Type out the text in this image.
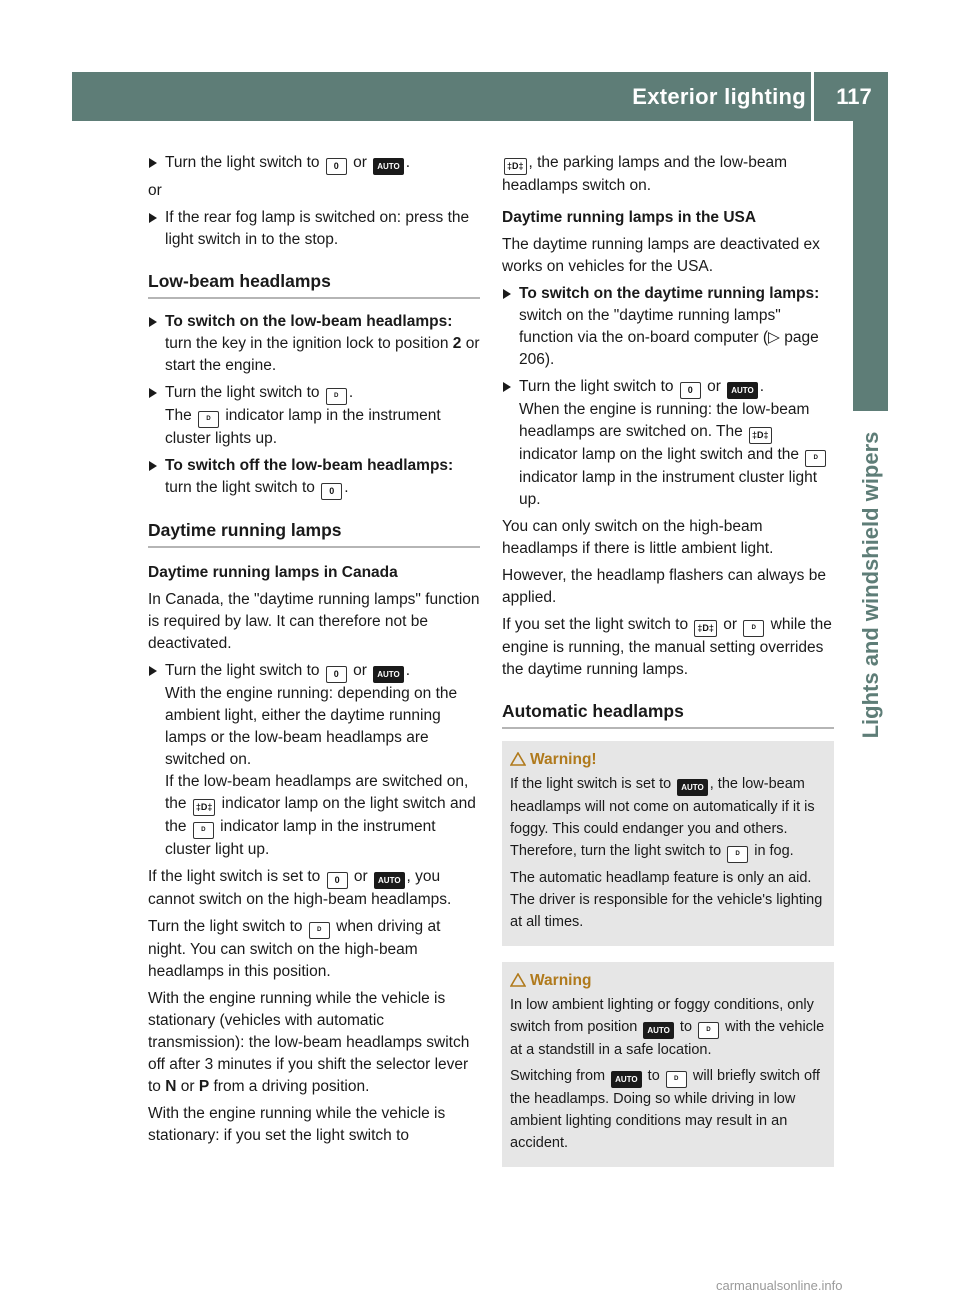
Exterior lighting	117
Lights and windshield wipers
Turn the light switch to 0 or AUTO .

or

If the rear fog lamp is switched on: press the light switch in to the stop.
Low-beam headlamps
To switch on the low-beam headlamps: turn the key in the ignition lock to position 2 or start the engine.
Turn the light switch to ᴰ .
The ᴰ indicator lamp in the instrument cluster lights up.
To switch off the low-beam headlamps: turn the light switch to 0 .
Daytime running lamps
Daytime running lamps in Canada

In Canada, the "daytime running lamps" function is required by law. It can therefore not be deactivated.

Turn the light switch to 0 or AUTO .
With the engine running: depending on the ambient light, either the daytime running lamps or the low-beam headlamps are switched on.
If the low-beam headlamps are switched on, the ‡D‡ indicator lamp on the light switch and the ᴰ indicator lamp in the instrument cluster light up.

If the light switch is set to 0 or AUTO , you cannot switch on the high-beam headlamps.

Turn the light switch to ᴰ when driving at night. You can switch on the high-beam headlamps in this position.

With the engine running while the vehicle is stationary (vehicles with automatic transmission): the low-beam headlamps switch off after 3 minutes if you shift the selector lever to N or P from a driving position.

With the engine running while the vehicle is stationary: if you set the light switch to

‡D‡ , the parking lamps and the low-beam headlamps switch on.

Daytime running lamps in the USA

The daytime running lamps are deactivated ex works on vehicles for the USA.

To switch on the daytime running lamps: switch on the "daytime running lamps" function via the on-board computer (▷ page 206).
Turn the light switch to 0 or AUTO .
When the engine is running: the low-beam headlamps are switched on. The ‡D‡ indicator lamp on the light switch and the ᴰ indicator lamp in the instrument cluster light up.

You can only switch on the high-beam headlamps if there is little ambient light.

However, the headlamp flashers can always be applied.

If you set the light switch to ‡D‡ or ᴰ while the engine is running, the manual setting overrides the daytime running lamps.

Automatic headlamps
Warning!

If the light switch is set to AUTO , the low-beam headlamps will not come on automatically if it is foggy. This could endanger you and others. Therefore, turn the light switch to ᴰ in fog.

The automatic headlamp feature is only an aid. The driver is responsible for the vehicle's lighting at all times.

Warning

In low ambient lighting or foggy conditions, only switch from position AUTO to ᴰ with the vehicle at a standstill in a safe location.

Switching from AUTO to ᴰ will briefly switch off the headlamps. Doing so while driving in low ambient lighting conditions may result in an accident.

carmanualsonline.info
